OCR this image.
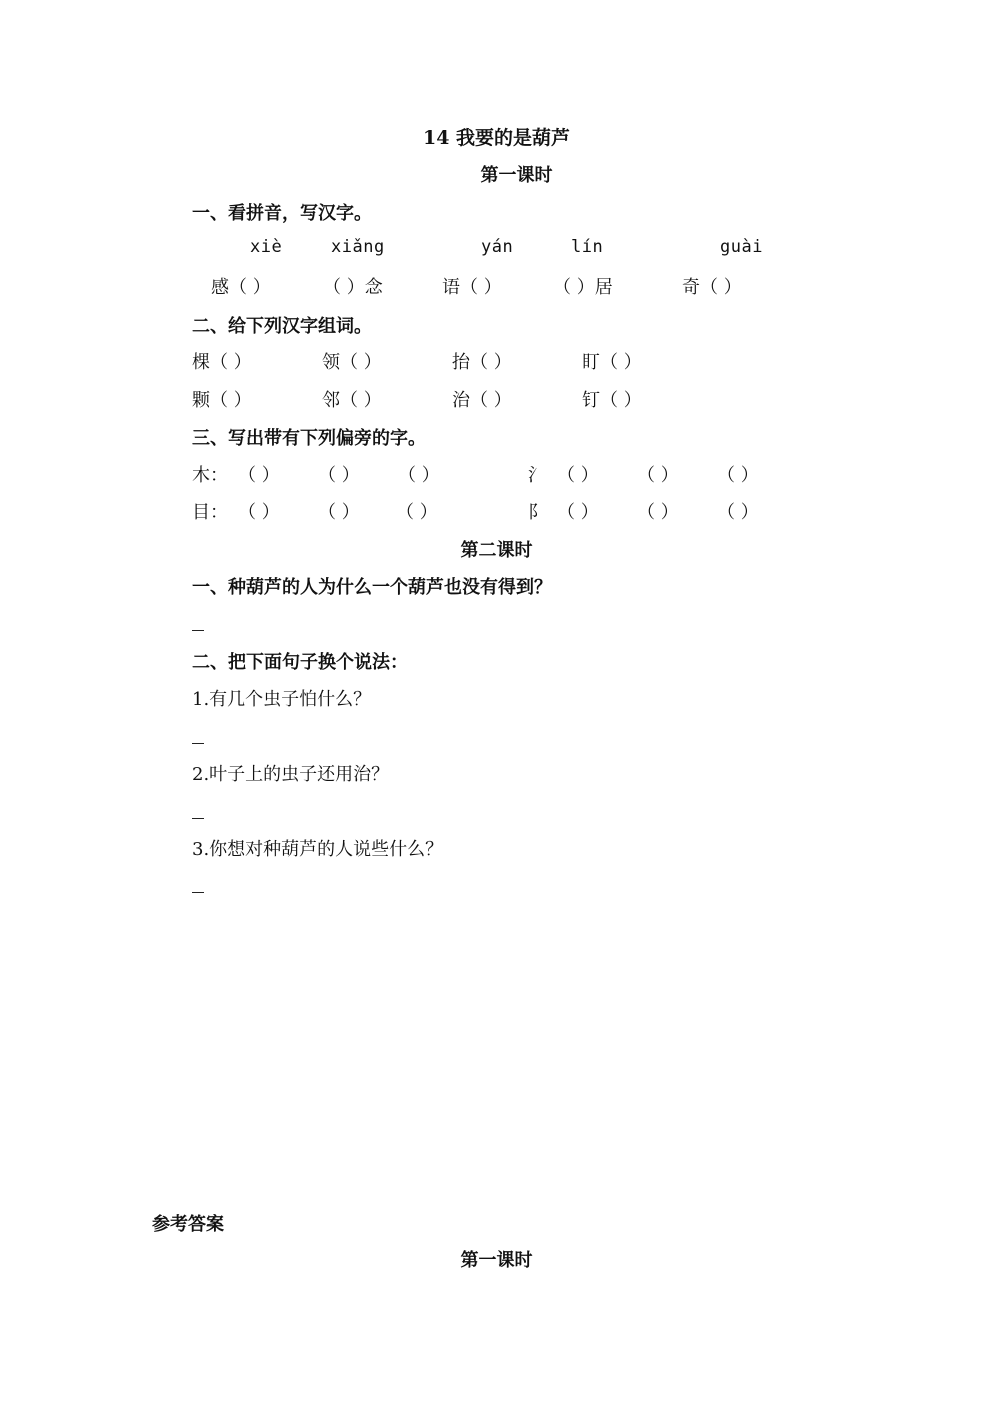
14 我要的是葫芦
第一课时
一、看拼音，写汉字。
xiè	xiǎng	yán	lín	guài
感（ ）	（ ）念	语（ ）	（ ）居	奇（ ）
二、给下列汉字组词。
棵（ ）	领（ ）	抬（ ）	盯（ ）
颗（ ）	邻（ ）	治（ ）	钉（ ）
三、写出带有下列偏旁的字。
木： （ ） （ ） （ ）	氵 （ ） （ ） （ ）
目： （ ） （ ） （ ）	阝 （ ） （ ） （ ）
第二课时
一、种葫芦的人为什么一个葫芦也没有得到？
二、把下面句子换个说法：
1.有几个虫子怕什么？
2.叶子上的虫子还用治？
3.你想对种葫芦的人说些什么？
参考答案
第一课时
